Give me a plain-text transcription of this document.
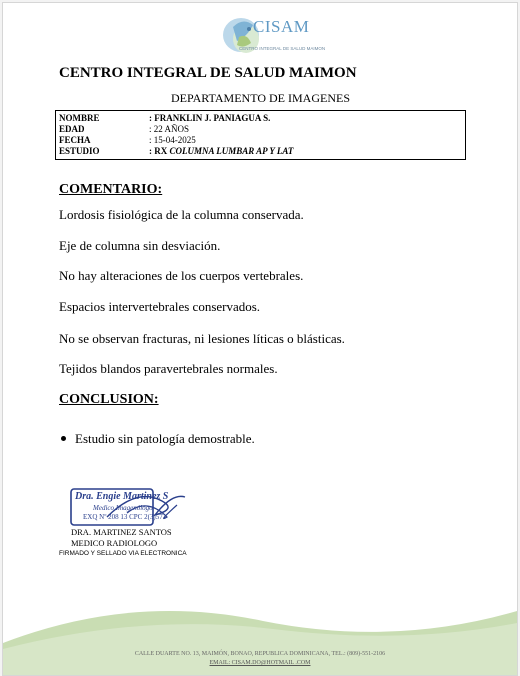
CISAM
CENTRO INTEGRAL DE SALUD MAIMON
CENTRO INTEGRAL DE SALUD MAIMON
DEPARTAMENTO DE IMAGENES
NOMBRE	: FRANKLIN J. PANIAGUA S.
EDAD	: 22 AÑOS
FECHA	: 15-04-2025
ESTUDIO	: RX COLUMNA LUMBAR AP Y LAT
COMENTARIO:
Lordosis fisiológica de la columna conservada.
Eje de columna sin desviación.
No hay alteraciones de los cuerpos vertebrales.
Espacios intervertebrales conservados.
No se observan fracturas, ni lesiones líticas o blásticas.
Tejidos blandos paravertebrales normales.
CONCLUSION:
Estudio sin patología demostrable.
Dra. Engie Martinez S
Medico Imagenólogo
EXQ Nº 208 13 CPC 2(3)57
DRA. MARTINEZ SANTOS
MEDICO RADIOLOGO
FIRMADO Y SELLADO VIA ELECTRONICA
CALLE DUARTE NO. 13, MAIMÓN, BONAO, REPUBLICA DOMINICANA, TEL.: (809)-551-2106
EMAIL: CISAM.DO@HOTMAIL .COM
